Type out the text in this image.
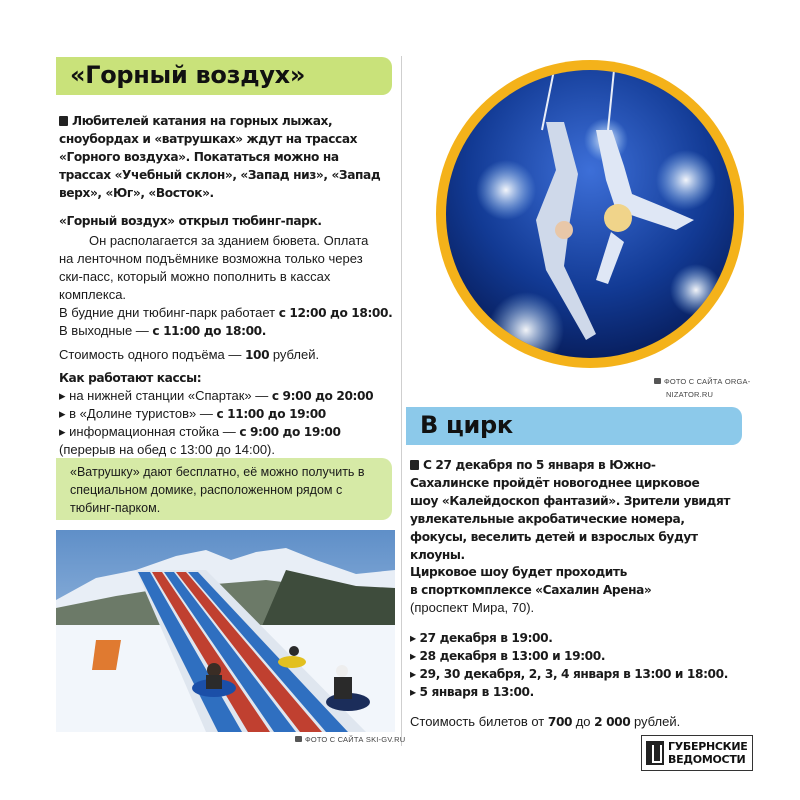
«Горный воздух»
Любителей катания на горных лыжах,
сноубордах и «ватрушках» ждут на трассах
«Горного воздуха». Покататься можно на
трассах «Учебный склон», «Запад низ», «Запад
верх», «Юг», «Восток».
«Горный воздух» открыл тюбинг-парк.
Он располагается за зданием бювета. Оплата
на ленточном подъёмнике возможна только через
ски-пасс, который можно пополнить в кассах
комплекса.
В будние дни тюбинг-парк работает с 12:00 до 18:00.
В выходные — с 11:00 до 18:00.
Стоимость одного подъёма — 100 рублей.
Как работают кассы:
▸ на нижней станции «Спартак» — с 9:00 до 20:00
▸ в «Долине туристов» — с 11:00 до 19:00
▸ информационная стойка — с 9:00 до 19:00
(перерыв на обед с 13:00 до 14:00).

«Ватрушку» дают бесплатно, её можно получить в специальном домике, расположенном рядом с тюбинг-парком.

ФОТО С САЙТА SKI-GV.RU
ФОТО С САЙТА ORGA-
NIZATOR.RU
В цирк
С 27 декабря по 5 января в Южно-
Сахалинске пройдёт новогоднее цирковое
шоу «Калейдоскоп фантазий». Зрители увидят
увлекательные акробатические номера,
фокусы, веселить детей и взрослых будут
клоуны.
Цирковое шоу будет проходить
в спорткомплексе «Сахалин Арена»
(проспект Мира, 70).
▸ 27 декабря в 19:00.
▸ 28 декабря в 13:00 и 19:00.
▸ 29, 30 декабря, 2, 3, 4 января в 13:00 и 18:00.
▸ 5 января в 13:00.
Стоимость билетов от 700 до 2 000 рублей.
ГУБЕРНСКИЕ
ВЕДОМОСТИ
